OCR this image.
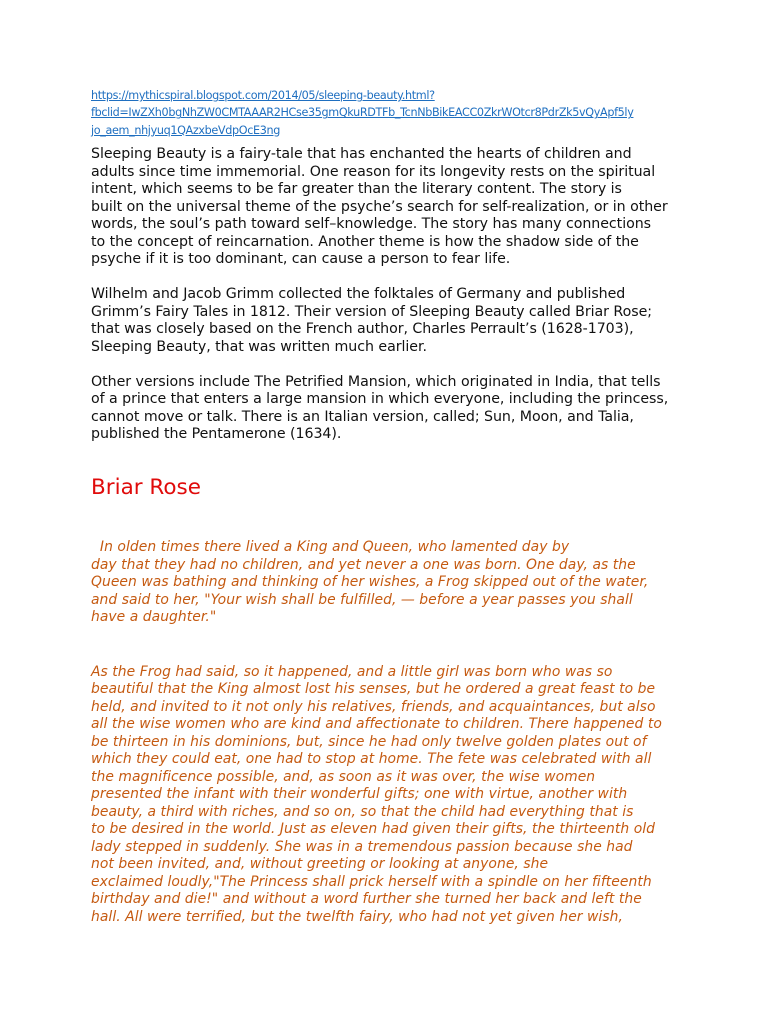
https://mythicspiral.blogspot.com/2014/05/sleeping-beauty.html?
fbclid=IwZXh0bgNhZW0CMTAAAR2HCse35gmQkuRDTFb_TcnNbBikEACC0ZkrWOtcr8PdrZk5vQyApf5ly
jo_aem_nhjyuq1QAzxbeVdpOcE3ng

Sleeping Beauty is a fairy-tale that has enchanted the hearts of children and
adults since time immemorial. One reason for its longevity rests on the spiritual
intent, which seems to be far greater than the literary content. The story is
built on the universal theme of the psyche’s search for self-realization, or in other
words, the soul’s path toward self–knowledge. The story has many connections
to the concept of reincarnation. Another theme is how the shadow side of the
psyche if it is too dominant, can cause a person to fear life.

Wilhelm and Jacob Grimm collected the folktales of Germany and published
Grimm’s Fairy Tales in 1812. Their version of Sleeping Beauty called Briar Rose;
that was closely based on the French author, Charles Perrault’s (1628-1703),
Sleeping Beauty, that was written much earlier.

Other versions include The Petrified Mansion, which originated in India, that tells
of a prince that enters a large mansion in which everyone, including the princess,
cannot move or talk. There is an Italian version, called; Sun, Moon, and Talia,
published the Pentamerone (1634).

Briar Rose

In olden times there lived a King and Queen, who lamented day by
day that they had no children, and yet never a one was born. One day, as the
Queen was bathing and thinking of her wishes, a Frog skipped out of the water,
and said to her, "Your wish shall be fulfilled, — before a year passes you shall
have a daughter."

As the Frog had said, so it happened, and a little girl was born who was so
beautiful that the King almost lost his senses, but he ordered a great feast to be
held, and invited to it not only his relatives, friends, and acquaintances, but also
all the wise women who are kind and affectionate to children. There happened to
be thirteen in his dominions, but, since he had only twelve golden plates out of
which they could eat, one had to stop at home. The fete was celebrated with all
the magnificence possible, and, as soon as it was over, the wise women
presented the infant with their wonderful gifts; one with virtue, another with
beauty, a third with riches, and so on, so that the child had everything that is
to be desired in the world. Just as eleven had given their gifts, the thirteenth old
lady stepped in suddenly. She was in a tremendous passion because she had
not been invited, and, without greeting or looking at anyone, she
exclaimed loudly,"The Princess shall prick herself with a spindle on her fifteenth
birthday and die!" and without a word further she turned her back and left the
hall. All were terrified, but the twelfth fairy, who had not yet given her wish,
